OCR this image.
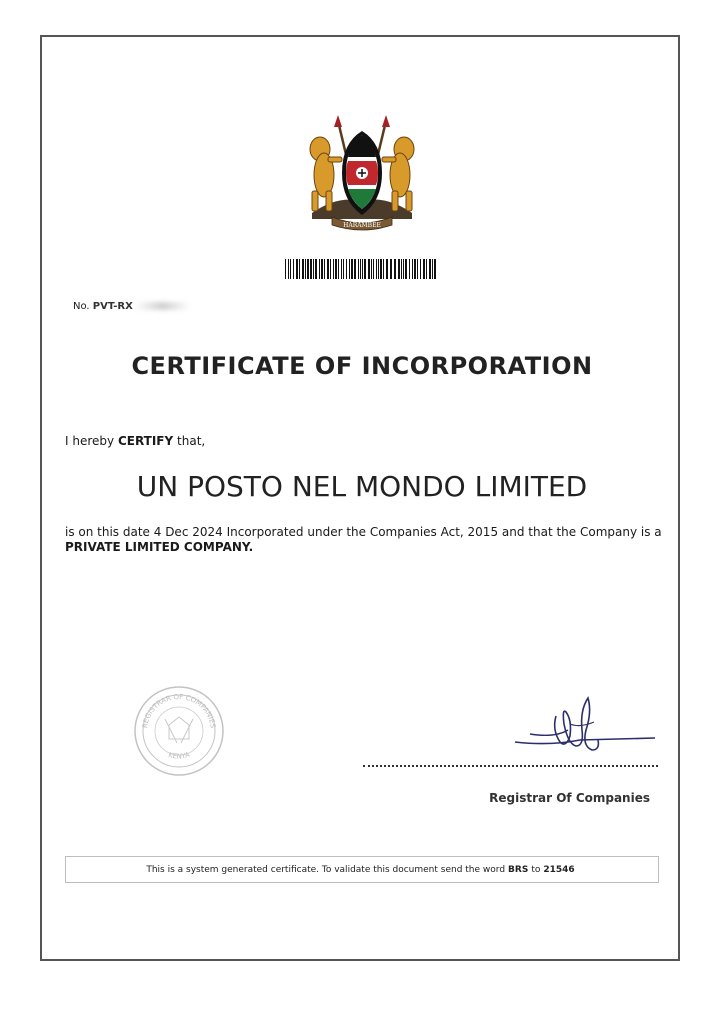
HARAMBEE
No. PVT-RX
CERTIFICATE OF INCORPORATION
I hereby CERTIFY that,
UN POSTO NEL MONDO LIMITED
is on this date 4 Dec 2024 Incorporated under the Companies Act, 2015 and that the Company is a
PRIVATE LIMITED COMPANY.
REGISTRAR OF COMPANIES
KENYA
Registrar Of Companies
This is a system generated certificate. To validate this document send the word BRS to 21546
